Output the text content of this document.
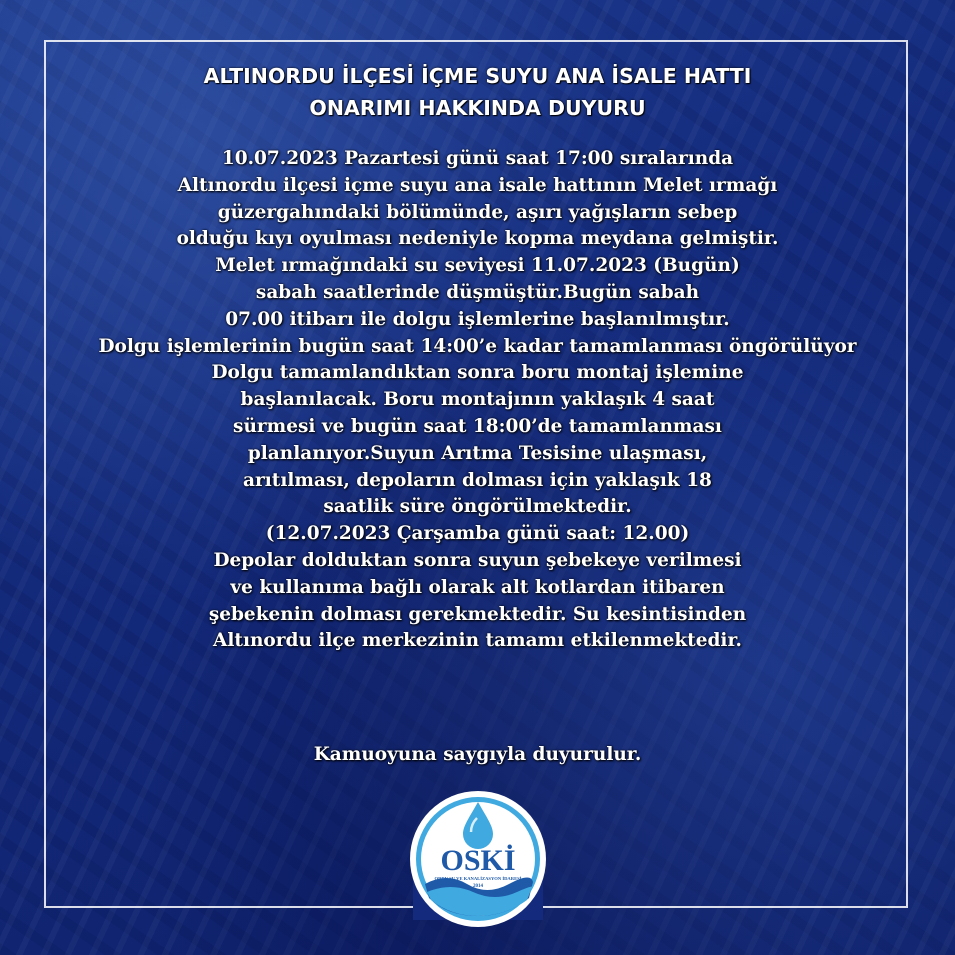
ALTINORDU İLÇESİ İÇME SUYU ANA İSALE HATTI
ONARIMI HAKKINDA DUYURU
10.07.2023 Pazartesi günü saat 17:00 sıralarında
Altınordu ilçesi içme suyu ana isale hattının Melet ırmağı
güzergahındaki bölümünde, aşırı yağışların sebep
olduğu kıyı oyulması nedeniyle kopma meydana gelmiştir.
Melet ırmağındaki su seviyesi 11.07.2023 (Bugün)
sabah saatlerinde düşmüştür.Bugün sabah
07.00 itibarı ile dolgu işlemlerine başlanılmıştır.
Dolgu işlemlerinin bugün saat 14:00’e kadar tamamlanması öngörülüyor
Dolgu tamamlandıktan sonra boru montaj işlemine
başlanılacak. Boru montajının yaklaşık 4 saat
sürmesi ve bugün saat 18:00’de tamamlanması
planlanıyor.Suyun Arıtma Tesisine ulaşması,
arıtılması, depoların dolması için yaklaşık 18
saatlik süre öngörülmektedir.
(12.07.2023 Çarşamba günü saat: 12.00)
Depolar dolduktan sonra suyun şebekeye verilmesi
ve kullanıma bağlı olarak alt kotlardan itibaren
şebekenin dolması gerekmektedir. Su kesintisinden
Altınordu ilçe merkezinin tamamı etkilenmektedir.

Kamuoyuna saygıyla duyurulur.

OSKİ
ORDU SU VE KANALİZASYON İDARESİ
2014
